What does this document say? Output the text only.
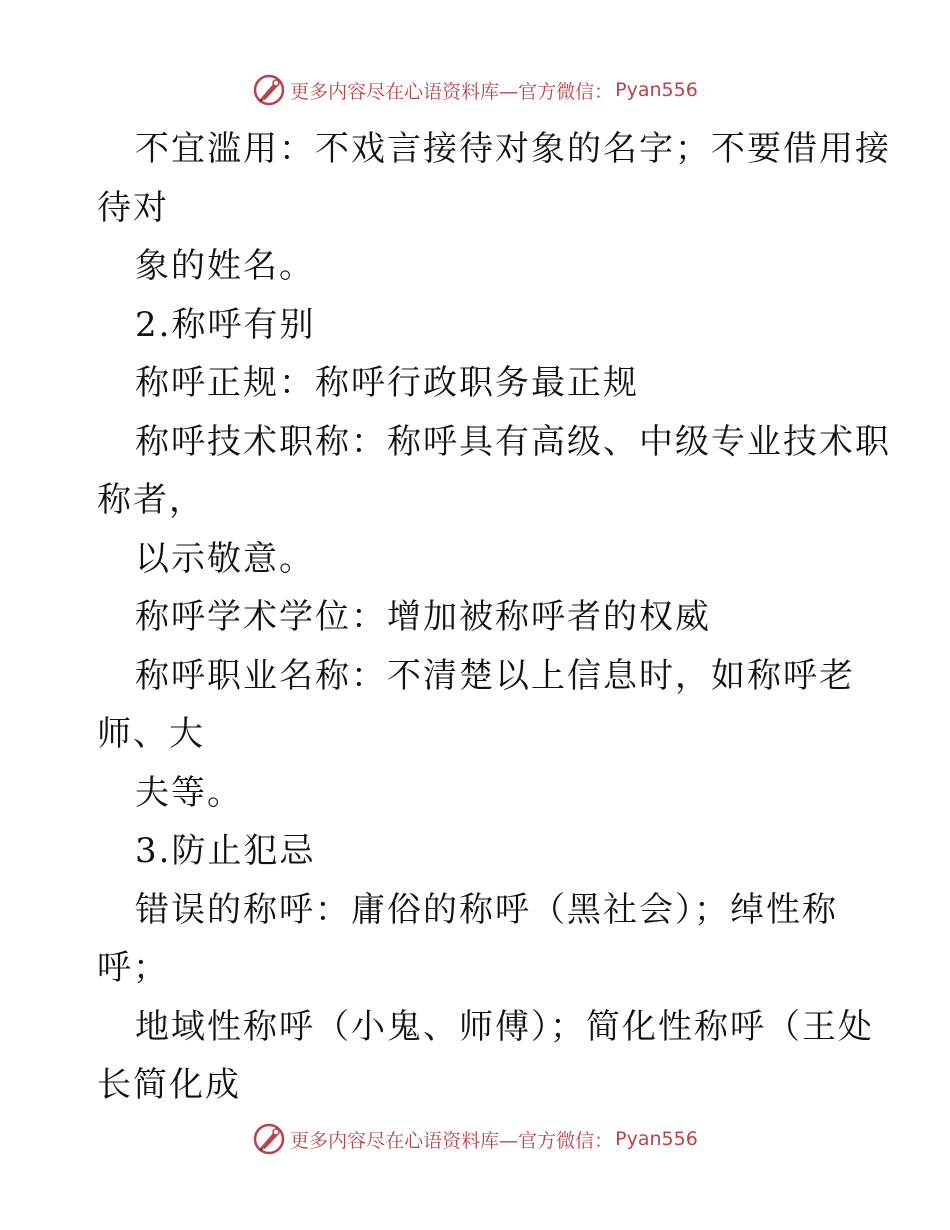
更多内容尽在心语资料库—官方微信： Pyan556
不宜滥用：不戏言接待对象的名字；不要借用接
待对
象的姓名。
2.称呼有别
称呼正规：称呼行政职务最正规
称呼技术职称：称呼具有高级、中级专业技术职
称者，
以示敬意。
称呼学术学位：增加被称呼者的权威
称呼职业名称：不清楚以上信息时，如称呼老
师、大
夫等。
3.防止犯忌
错误的称呼：庸俗的称呼（黑社会）；绰性称
呼；
地域性称呼（小鬼、师傅）；简化性称呼（王处
长简化成
更多内容尽在心语资料库—官方微信： Pyan556
